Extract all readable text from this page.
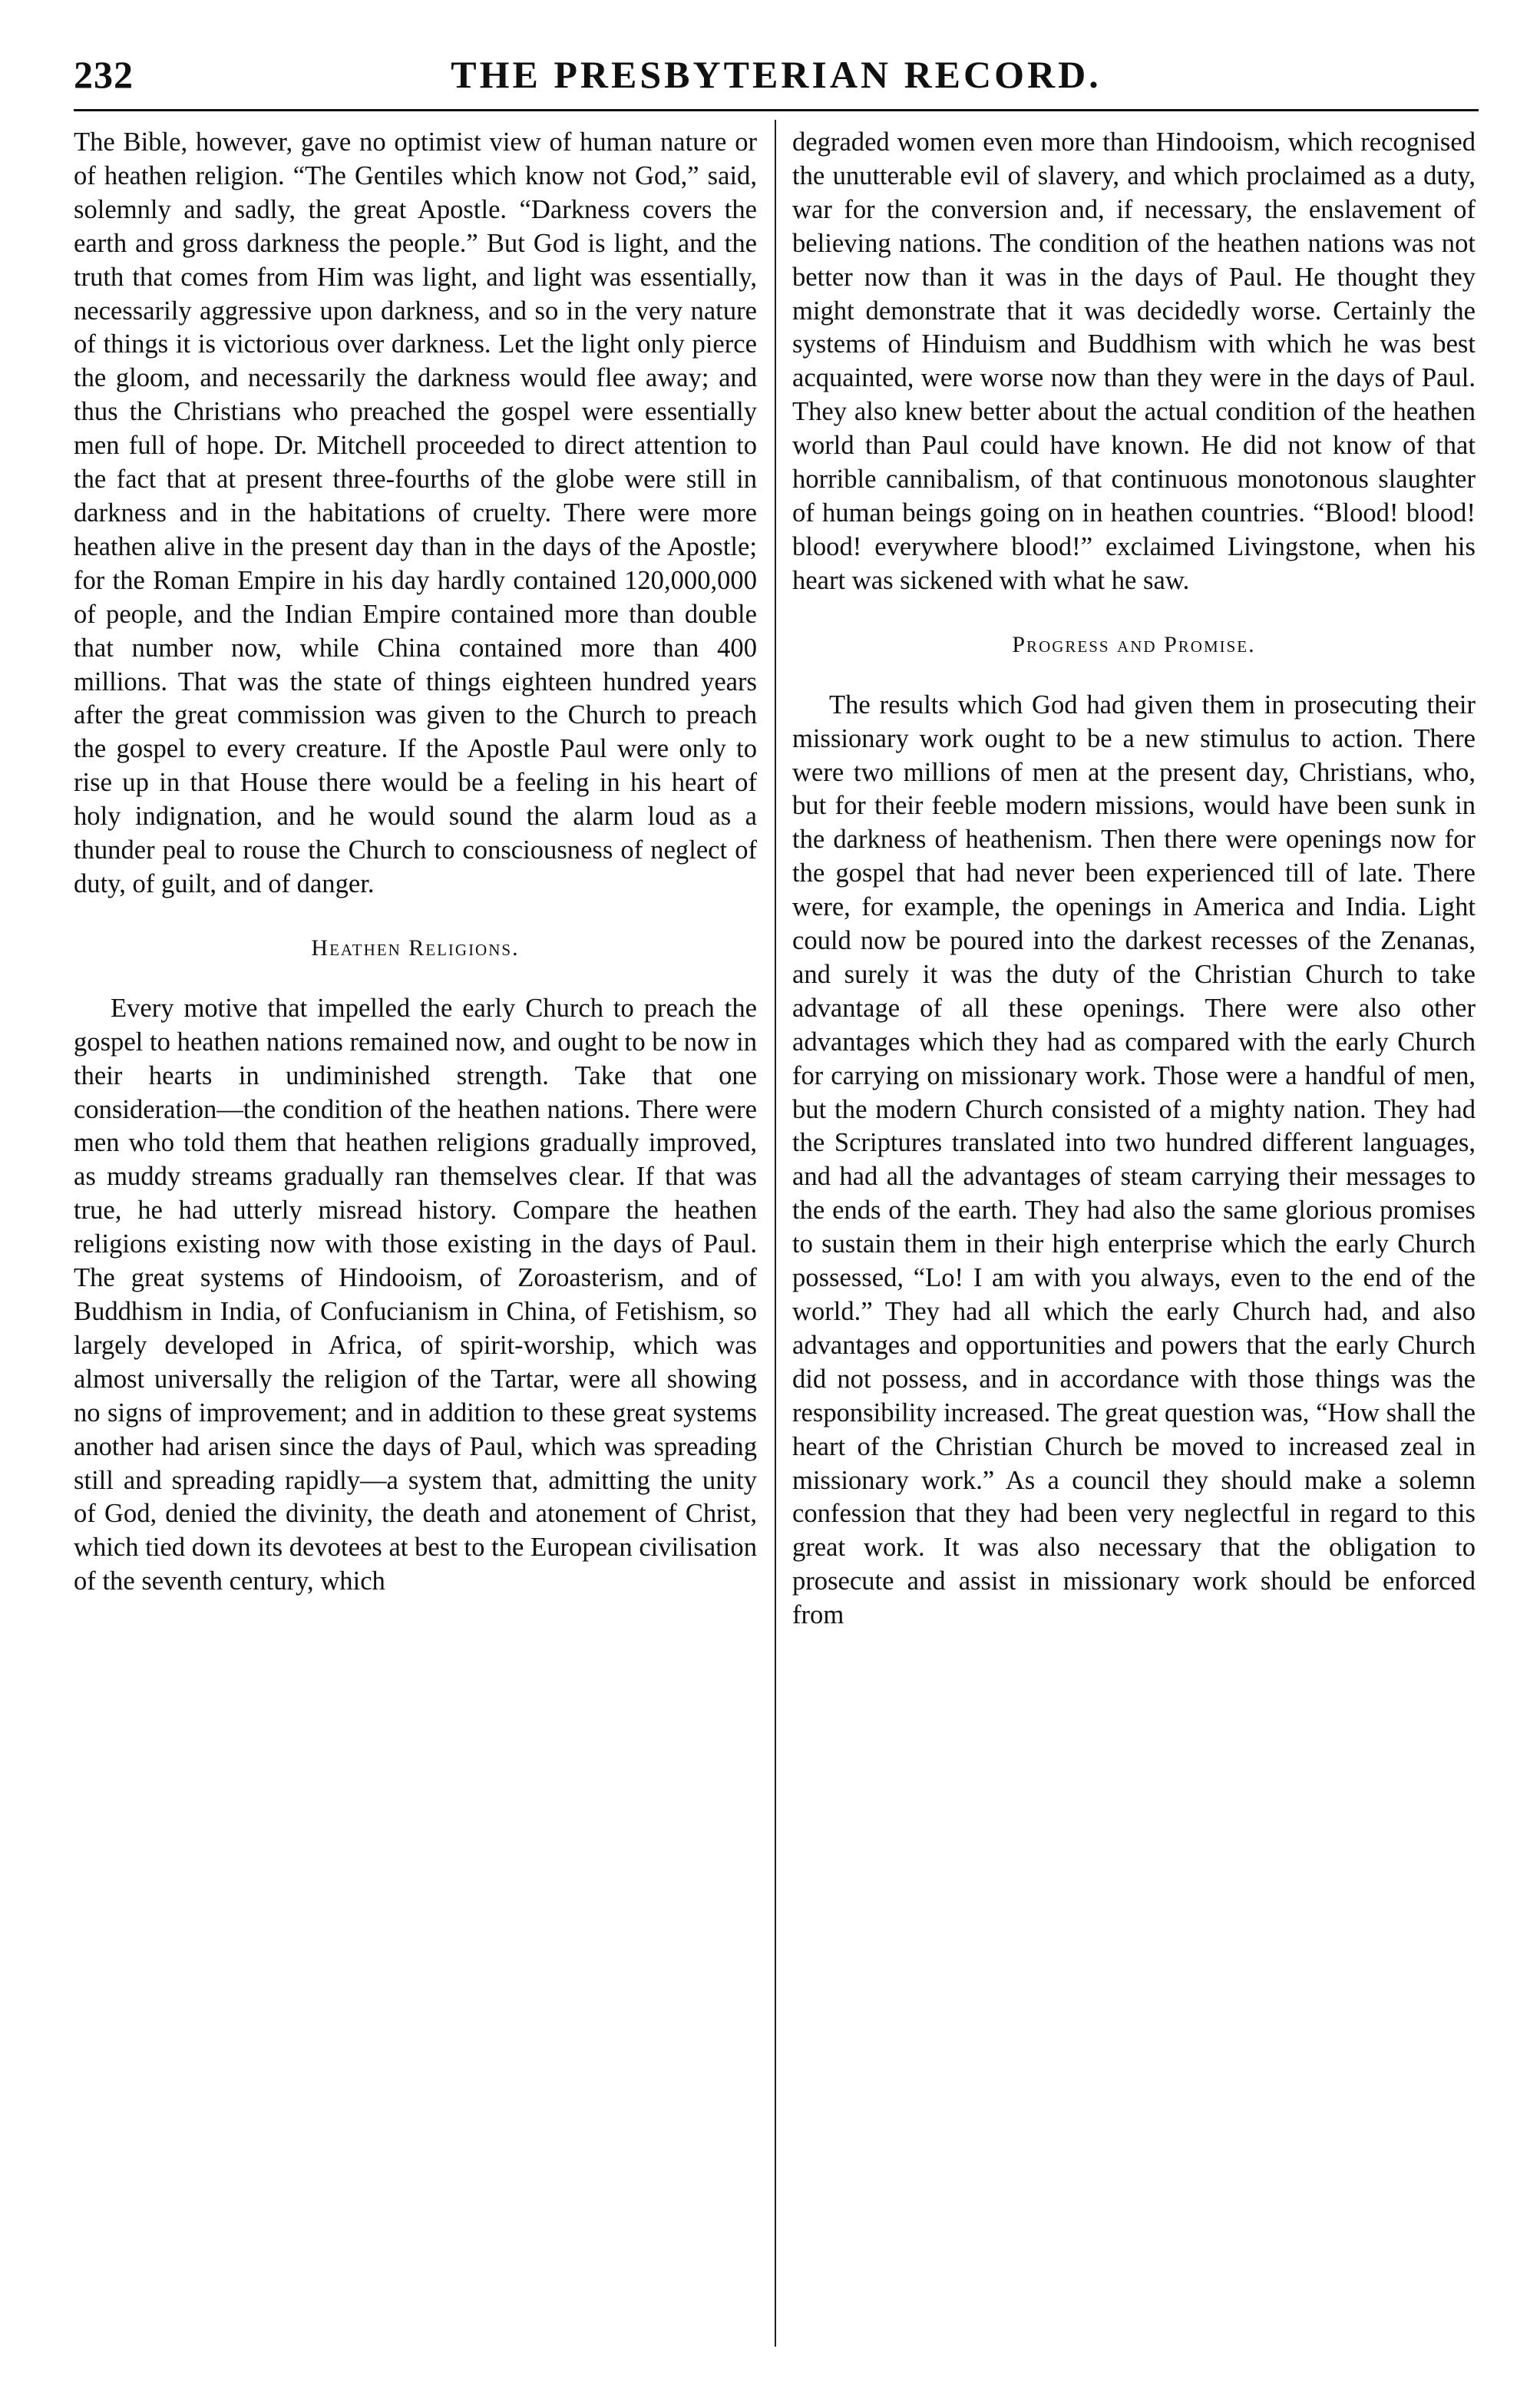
232	THE PRESBYTERIAN RECORD.

The Bible, however, gave no optimist view of human nature or of heathen religion. “The Gentiles which know not God,” said, solemnly and sadly, the great Apostle. “Darkness covers the earth and gross darkness the people.” But God is light, and the truth that comes from Him was light, and light was essentially, necessarily aggressive upon darkness, and so in the very nature of things it is victorious over darkness. Let the light only pierce the gloom, and necessarily the darkness would flee away; and thus the Christians who preached the gospel were essentially men full of hope. Dr. Mitchell proceeded to direct attention to the fact that at present three-fourths of the globe were still in darkness and in the habitations of cruelty. There were more heathen alive in the present day than in the days of the Apostle; for the Roman Empire in his day hardly contained 120,000,000 of people, and the Indian Empire contained more than double that number now, while China contained more than 400 millions. That was the state of things eighteen hundred years after the great commission was given to the Church to preach the gospel to every creature. If the Apostle Paul were only to rise up in that House there would be a feeling in his heart of holy indignation, and he would sound the alarm loud as a thunder peal to rouse the Church to consciousness of neglect of duty, of guilt, and of danger.

Heathen Religions.

Every motive that impelled the early Church to preach the gospel to heathen nations remained now, and ought to be now in their hearts in undiminished strength. Take that one consideration—the condition of the heathen nations. There were men who told them that heathen religions gradually improved, as muddy streams gradually ran themselves clear. If that was true, he had utterly misread history. Compare the heathen religions existing now with those existing in the days of Paul. The great systems of Hindooism, of Zoroasterism, and of Buddhism in India, of Confucianism in China, of Fetishism, so largely developed in Africa, of spirit-worship, which was almost universally the religion of the Tartar, were all showing no signs of improvement; and in addition to these great systems another had arisen since the days of Paul, which was spreading still and spreading rapidly—a system that, admitting the unity of God, denied the divinity, the death and atonement of Christ, which tied down its devotees at best to the European civilisation of the seventh century, which

degraded women even more than Hindooism, which recognised the unutterable evil of slavery, and which proclaimed as a duty, war for the conversion and, if necessary, the enslavement of believing nations. The condition of the heathen nations was not better now than it was in the days of Paul. He thought they might demonstrate that it was decidedly worse. Certainly the systems of Hinduism and Buddhism with which he was best acquainted, were worse now than they were in the days of Paul. They also knew better about the actual condition of the heathen world than Paul could have known. He did not know of that horrible cannibalism, of that continuous monotonous slaughter of human beings going on in heathen countries. “Blood! blood! blood! everywhere blood!” exclaimed Livingstone, when his heart was sickened with what he saw.

Progress and Promise.

The results which God had given them in prosecuting their missionary work ought to be a new stimulus to action. There were two millions of men at the present day, Christians, who, but for their feeble modern missions, would have been sunk in the darkness of heathenism. Then there were openings now for the gospel that had never been experienced till of late. There were, for example, the openings in America and India. Light could now be poured into the darkest recesses of the Zenanas, and surely it was the duty of the Christian Church to take advantage of all these openings. There were also other advantages which they had as compared with the early Church for carrying on missionary work. Those were a handful of men, but the modern Church consisted of a mighty nation. They had the Scriptures translated into two hundred different languages, and had all the advantages of steam carrying their messages to the ends of the earth. They had also the same glorious promises to sustain them in their high enterprise which the early Church possessed, “Lo! I am with you always, even to the end of the world.” They had all which the early Church had, and also advantages and opportunities and powers that the early Church did not possess, and in accordance with those things was the responsibility increased. The great question was, “How shall the heart of the Christian Church be moved to increased zeal in missionary work.” As a council they should make a solemn confession that they had been very neglectful in regard to this great work. It was also necessary that the obligation to prosecute and assist in missionary work should be enforced from
